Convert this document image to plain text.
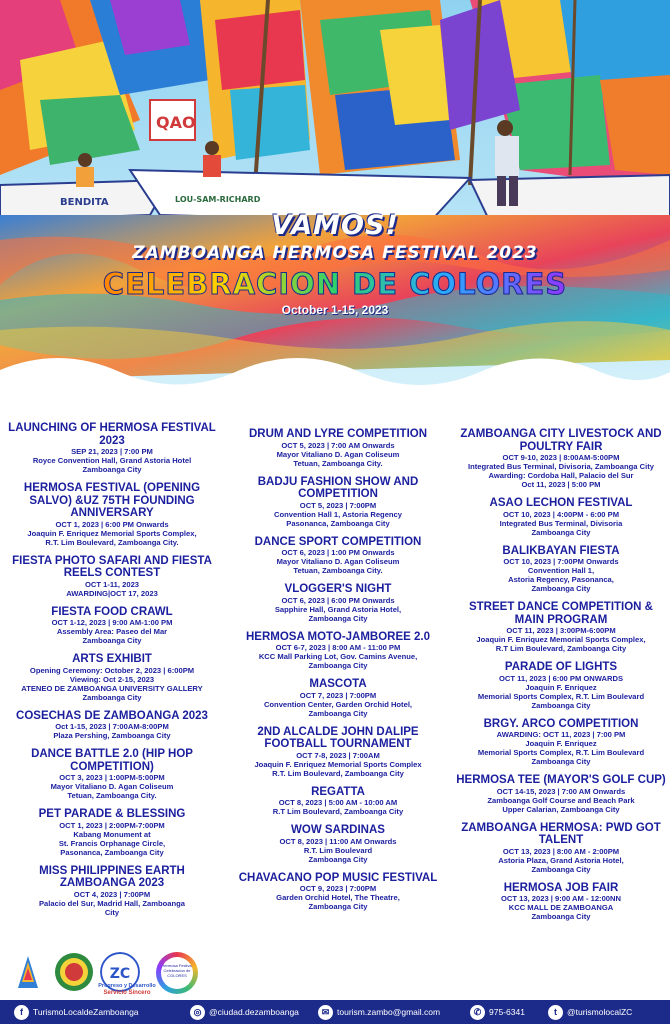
BENDITA	LOU-SAM-RICHARD
QAO
VAMOS!
ZAMBOANGA HERMOSA FESTIVAL 2023
CELEBRACION DE COLORES
October 1-15, 2023
LAUNCHING OF HERMOSA FESTIVAL 2023
SEP 21, 2023 | 7:00 PM
Royce Convention Hall, Grand Astoria Hotel
Zamboanga City
HERMOSA FESTIVAL (OPENING SALVO) &UZ 75TH FOUNDING ANNIVERSARY
OCT 1, 2023 | 6:00 PM Onwards
Joaquin F. Enriquez Memorial Sports Complex,
R.T. Lim Boulevard, Zamboanga City.
FIESTA PHOTO SAFARI AND FIESTA REELS CONTEST
OCT 1-11, 2023
AWARDING|OCT 17, 2023
FIESTA FOOD CRAWL
OCT 1-12, 2023 | 9:00 AM-1:00 PM
Assembly Area: Paseo del Mar
Zamboanga City
ARTS EXHIBIT
Opening Ceremony: October 2, 2023 | 6:00PM
Viewing: Oct 2-15, 2023
ATENEO DE ZAMBOANGA UNIVERSITY GALLERY
Zamboanga City
COSECHAS DE ZAMBOANGA 2023
Oct 1-15, 2023 | 7:00AM-8:00PM
Plaza Pershing, Zamboanga City
DANCE BATTLE 2.0 (HIP HOP COMPETITION)
OCT 3, 2023 | 1:00PM-5:00PM
Mayor Vitaliano D. Agan Coliseum
Tetuan, Zamboanga City.
PET PARADE & BLESSING
OCT 1, 2023 | 2:00PM-7:00PM
Kabang Monument at
St. Francis Orphanage Circle,
Pasonanca, Zamboanga City
MISS PHILIPPINES EARTH ZAMBOANGA 2023
OCT 4, 2023 | 7:00PM
Palacio del Sur, Madrid Hall, Zamboanga
City
DRUM AND LYRE COMPETITION
OCT 5, 2023 | 7:00 AM Onwards
Mayor Vitaliano D. Agan Coliseum
Tetuan, Zamboanga City.
BADJU FASHION SHOW AND COMPETITION
OCT 5, 2023 | 7:00PM
Convention Hall 1, Astoria Regency
Pasonanca, Zamboanga City
DANCE SPORT COMPETITION
OCT 6, 2023 | 1:00 PM Onwards
Mayor Vitaliano D. Agan Coliseum
Tetuan, Zamboanga City.
VLOGGER'S NIGHT
OCT 6, 2023 | 6:00 PM Onwards
Sapphire Hall, Grand Astoria Hotel,
Zamboanga City
HERMOSA MOTO-JAMBOREE 2.0
OCT 6-7, 2023 | 8:00 AM - 11:00 PM
KCC Mall Parking Lot, Gov. Camins Avenue,
Zamboanga City
MASCOTA
OCT 7, 2023 | 7:00PM
Convention Center, Garden Orchid Hotel,
Zamboanga City
2ND ALCALDE JOHN DALIPE FOOTBALL TOURNAMENT
OCT 7-8, 2023 | 7:00AM
Joaquin F. Enriquez Memorial Sports Complex
R.T. Lim Boulevard, Zamboanga City
REGATTA
OCT 8, 2023 | 5:00 AM - 10:00 AM
R.T Lim Boulevard, Zamboanga City
WOW SARDINAS
OCT 8, 2023 | 11:00 AM Onwards
R.T. Lim Boulevard
Zamboanga City
CHAVACANO POP MUSIC FESTIVAL
OCT 9, 2023 | 7:00PM
Garden Orchid Hotel, The Theatre,
Zamboanga City
ZAMBOANGA CITY LIVESTOCK AND POULTRY FAIR
OCT 9-10, 2023 | 8:00AM-5:00PM
Integrated Bus Terminal, Divisoria, Zamboanga City
Awarding: Cordoba Hall, Palacio del Sur
Oct 11, 2023 | 5:00 PM
ASAO LECHON FESTIVAL
OCT 10, 2023 | 4:00PM - 6:00 PM
Integrated Bus Terminal, Divisoria
Zamboanga City
BALIKBAYAN FIESTA
OCT 10, 2023 | 7:00PM Onwards
Convention Hall 1,
Astoria Regency, Pasonanca,
Zamboanga City
STREET DANCE COMPETITION & MAIN PROGRAM
OCT 11, 2023 | 3:00PM-6:00PM
Joaquin F. Enriquez Memorial Sports Complex,
R.T Lim Boulevard, Zamboanga City
PARADE OF LIGHTS
OCT 11, 2023 | 6:00 PM ONWARDS
Joaquin F. Enriquez
Memorial Sports Complex, R.T. Lim Boulevard
Zamboanga City
BRGY. ARCO COMPETITION
AWARDING: OCT 11, 2023 | 7:00 PM
Joaquin F. Enriquez
Memorial Sports Complex, R.T. Lim Boulevard
Zamboanga City
HERMOSA TEE (MAYOR'S GOLF CUP)
OCT 14-15, 2023 | 7:00 AM Onwards
Zamboanga Golf Course and Beach Park
Upper Calarian, Zamboanga City
ZAMBOANGA HERMOSA: PWD GOT TALENT
OCT 13, 2023 | 8:00 AM - 2:00PM
Astoria Plaza, Grand Astoria Hotel,
Zamboanga City
HERMOSA JOB FAIR
OCT 13, 2023 | 9:00 AM - 12:00NN
KCC MALL DE ZAMBOANGA
Zamboanga City
ZC
Progreso y Desarrollo
Servicio Sincero
Hermosa Festival Celebracion de COLORES
f	TurismoLocaldeZamboanga	◎ @ciudad.dezamboanga	✉ tourism.zambo@gmail.com	✆ 975-6341	t	@turismolocalZC
